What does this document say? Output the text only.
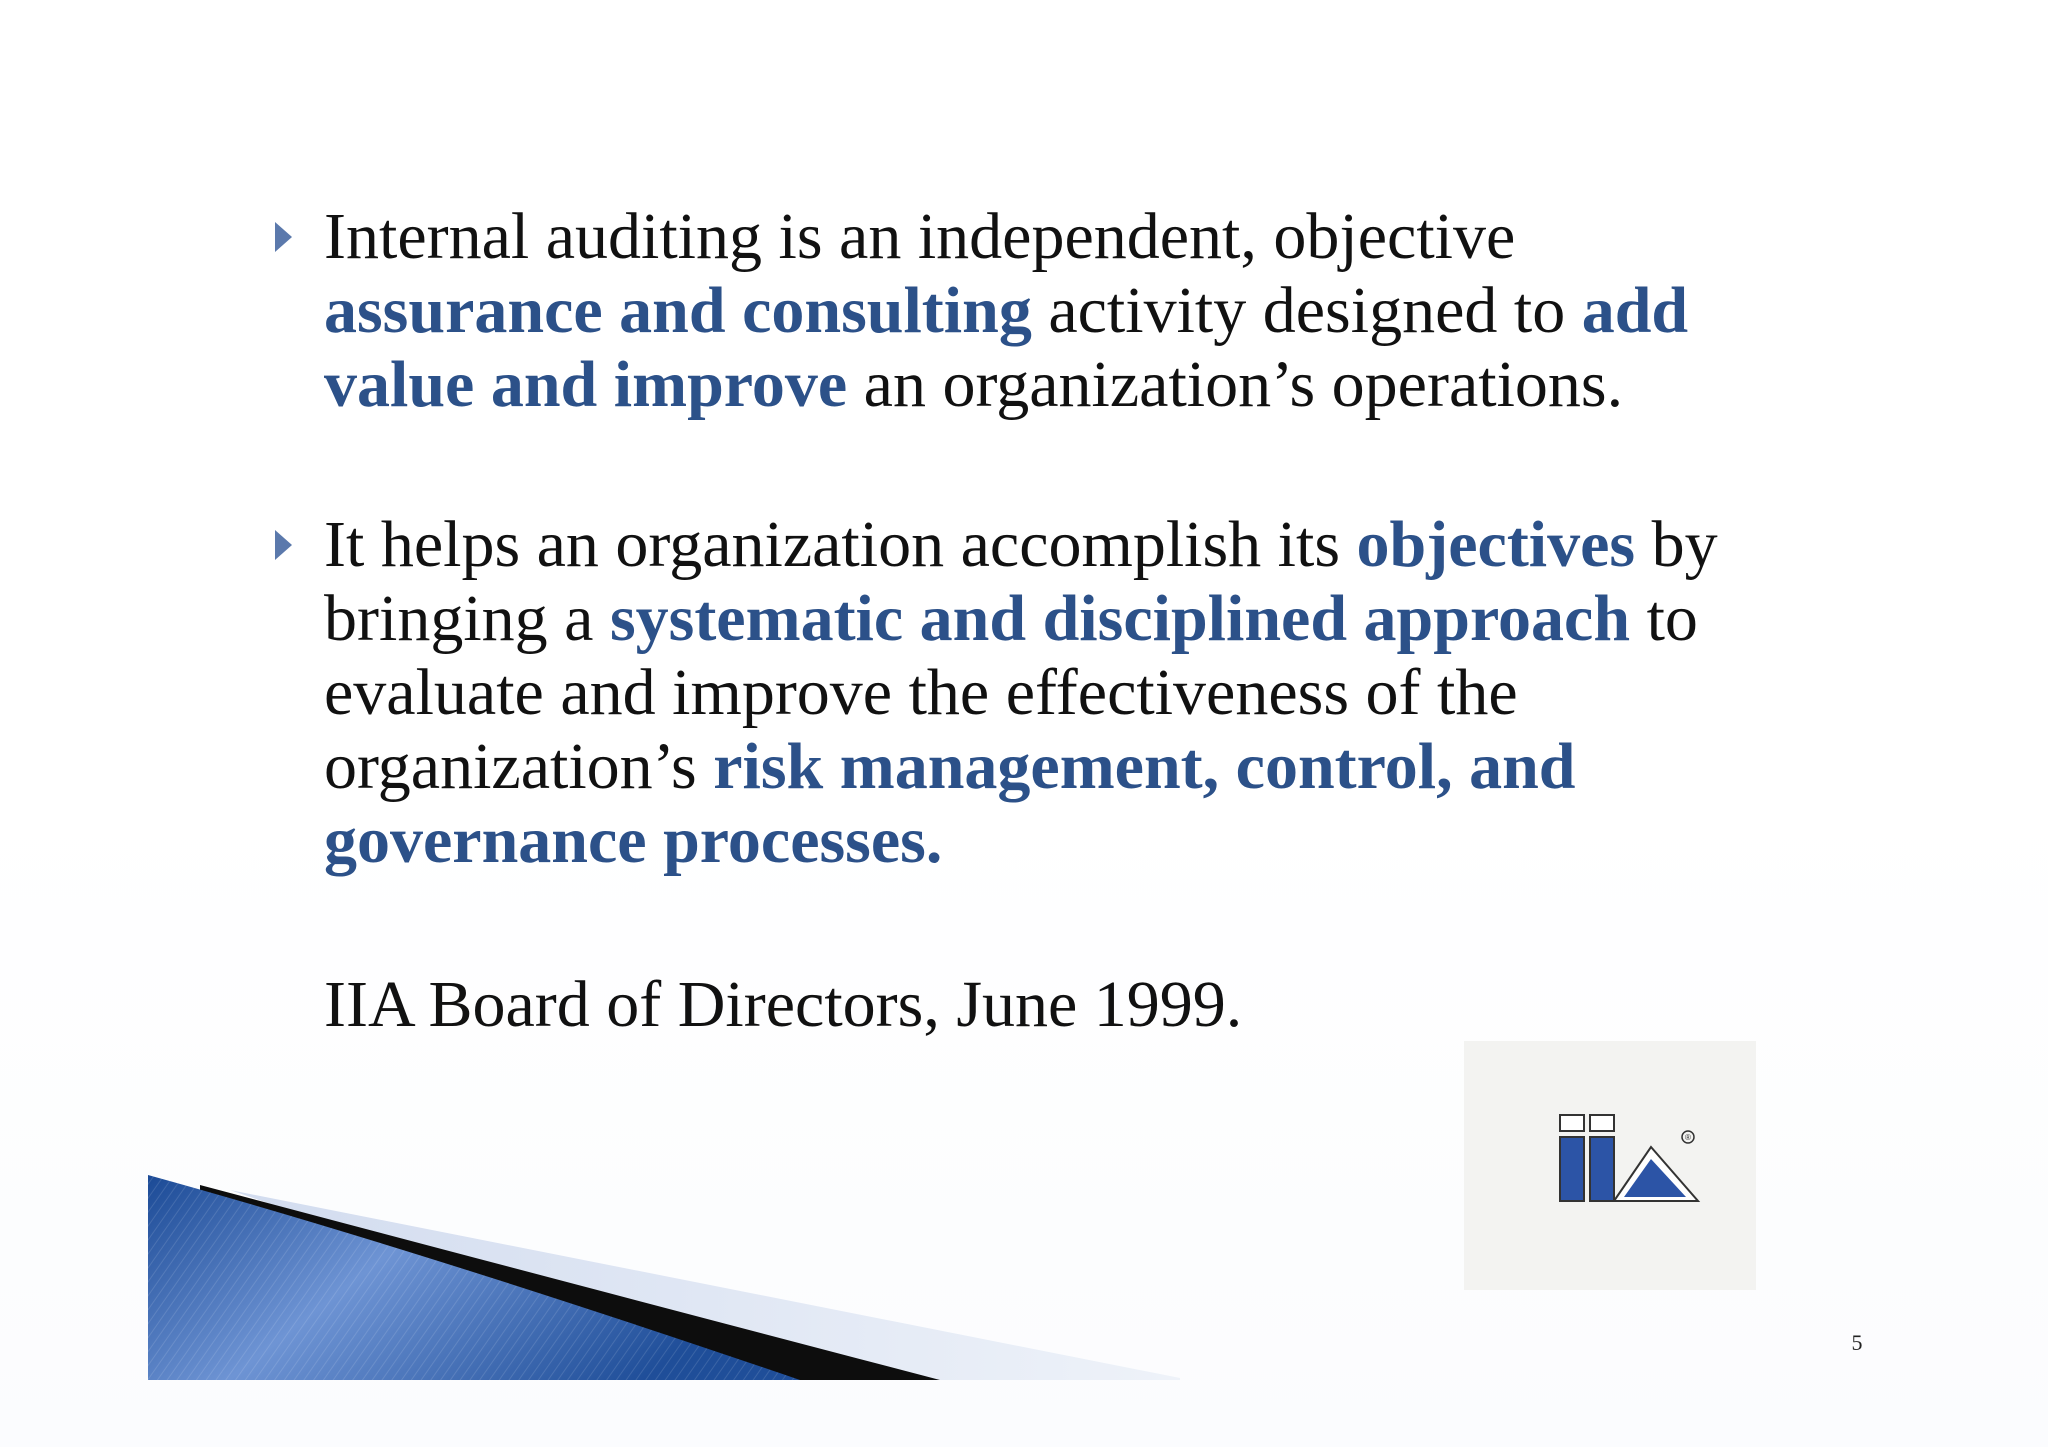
Internal auditing is an independent, objective
assurance and consulting activity designed to add
value and improve an organization’s operations.
It helps an organization accomplish its objectives by
bringing a systematic and disciplined approach to
evaluate and improve the effectiveness of the
organization’s risk management, control, and
governance processes.
IIA Board of Directors, June 1999.
®
5
